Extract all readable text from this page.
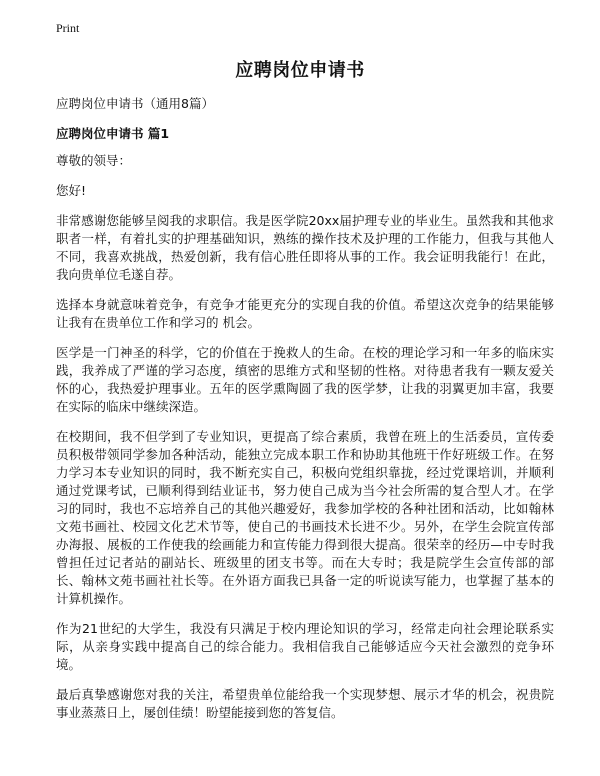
Print
应聘岗位申请书
应聘岗位申请书（通用8篇）
应聘岗位申请书 篇1

尊敬的领导：

您好!

非常感谢您能够呈阅我的求职信。我是医学院20xx届护理专业的毕业生。虽然我和其他求职者一样，有着扎实的护理基础知识，熟练的操作技术及护理的工作能力，但我与其他人不同，我喜欢挑战，热爱创新，我有信心胜任即将从事的工作。我会证明我能行！在此，我向贵单位毛遂自荐。

选择本身就意味着竞争，有竞争才能更充分的实现自我的价值。希望这次竞争的结果能够让我有在贵单位工作和学习的 机会。

医学是一门神圣的科学，它的价值在于挽救人的生命。在校的理论学习和一年多的临床实践，我养成了严谨的学习态度，缜密的思维方式和坚韧的性格。对待患者我有一颗友爱关怀的心，我热爱护理事业。五年的医学熏陶圆了我的医学梦，让我的羽翼更加丰富，我要在实际的临床中继续深造。

在校期间，我不但学到了专业知识，更提高了综合素质，我曾在班上的生活委员，宣传委员积极带领同学参加各种活动，能独立完成本职工作和协助其他班干作好班级工作。在努力学习本专业知识的同时，我不断充实自己，积极向党组织靠拢，经过党课培训，并顺利通过党课考试，已顺利得到结业证书，努力使自己成为当今社会所需的复合型人才。在学习的同时，我也不忘培养自己的其他兴趣爱好，我参加学校的各种社团和活动，比如翰林文苑书画社、校园文化艺术节等，使自己的书画技术长进不少。另外，在学生会院宣传部办海报、展板的工作使我的绘画能力和宣传能力得到很大提高。很荣幸的经历—中专时我曾担任过记者站的副站长、班级里的团支书等。而在大专时；我是院学生会宣传部的部长、翰林文苑书画社社长等。在外语方面我已具备一定的听说读写能力，也掌握了基本的计算机操作。

作为21世纪的大学生，我没有只满足于校内理论知识的学习，经常走向社会理论联系实际，从亲身实践中提高自己的综合能力。我相信我自己能够适应今天社会激烈的竞争环境。

最后真挚感谢您对我的关注，希望贵单位能给我一个实现梦想、展示才华的机会，祝贵院事业蒸蒸日上，屡创佳绩！盼望能接到您的答复信。
